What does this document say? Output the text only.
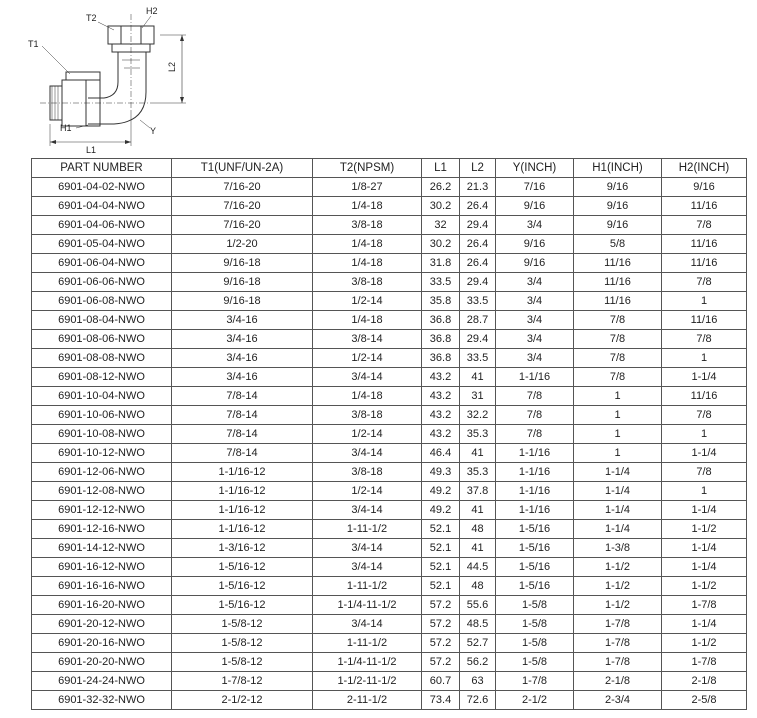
T1
T2
H2
L2
H1	Y
L1
PART NUMBER	T1(UNF/UN-2A)	T2(NPSM)	L1	L2	Y(INCH)	H1(INCH)	H2(INCH)
6901-04-02-NWO	7/16-20	1/8-27	26.2	21.3	7/16	9/16	9/16
6901-04-04-NWO	7/16-20	1/4-18	30.2	26.4	9/16	9/16	11/16
6901-04-06-NWO	7/16-20	3/8-18	32	29.4	3/4	9/16	7/8
6901-05-04-NWO	1/2-20	1/4-18	30.2	26.4	9/16	5/8	11/16
6901-06-04-NWO	9/16-18	1/4-18	31.8	26.4	9/16	11/16	11/16
6901-06-06-NWO	9/16-18	3/8-18	33.5	29.4	3/4	11/16	7/8
6901-06-08-NWO	9/16-18	1/2-14	35.8	33.5	3/4	11/16	1
6901-08-04-NWO	3/4-16	1/4-18	36.8	28.7	3/4	7/8	11/16
6901-08-06-NWO	3/4-16	3/8-14	36.8	29.4	3/4	7/8	7/8
6901-08-08-NWO	3/4-16	1/2-14	36.8	33.5	3/4	7/8	1
6901-08-12-NWO	3/4-16	3/4-14	43.2	41	1-1/16	7/8	1-1/4
6901-10-04-NWO	7/8-14	1/4-18	43.2	31	7/8	1	11/16
6901-10-06-NWO	7/8-14	3/8-18	43.2	32.2	7/8	1	7/8
6901-10-08-NWO	7/8-14	1/2-14	43.2	35.3	7/8	1	1
6901-10-12-NWO	7/8-14	3/4-14	46.4	41	1-1/16	1	1-1/4
6901-12-06-NWO	1-1/16-12	3/8-18	49.3	35.3	1-1/16	1-1/4	7/8
6901-12-08-NWO	1-1/16-12	1/2-14	49.2	37.8	1-1/16	1-1/4	1
6901-12-12-NWO	1-1/16-12	3/4-14	49.2	41	1-1/16	1-1/4	1-1/4
6901-12-16-NWO	1-1/16-12	1-11-1/2	52.1	48	1-5/16	1-1/4	1-1/2
6901-14-12-NWO	1-3/16-12	3/4-14	52.1	41	1-5/16	1-3/8	1-1/4
6901-16-12-NWO	1-5/16-12	3/4-14	52.1	44.5	1-5/16	1-1/2	1-1/4
6901-16-16-NWO	1-5/16-12	1-11-1/2	52.1	48	1-5/16	1-1/2	1-1/2
6901-16-20-NWO	1-5/16-12	1-1/4-11-1/2	57.2	55.6	1-5/8	1-1/2	1-7/8
6901-20-12-NWO	1-5/8-12	3/4-14	57.2	48.5	1-5/8	1-7/8	1-1/4
6901-20-16-NWO	1-5/8-12	1-11-1/2	57.2	52.7	1-5/8	1-7/8	1-1/2
6901-20-20-NWO	1-5/8-12	1-1/4-11-1/2	57.2	56.2	1-5/8	1-7/8	1-7/8
6901-24-24-NWO	1-7/8-12	1-1/2-11-1/2	60.7	63	1-7/8	2-1/8	2-1/8
6901-32-32-NWO	2-1/2-12	2-11-1/2	73.4	72.6	2-1/2	2-3/4	2-5/8
